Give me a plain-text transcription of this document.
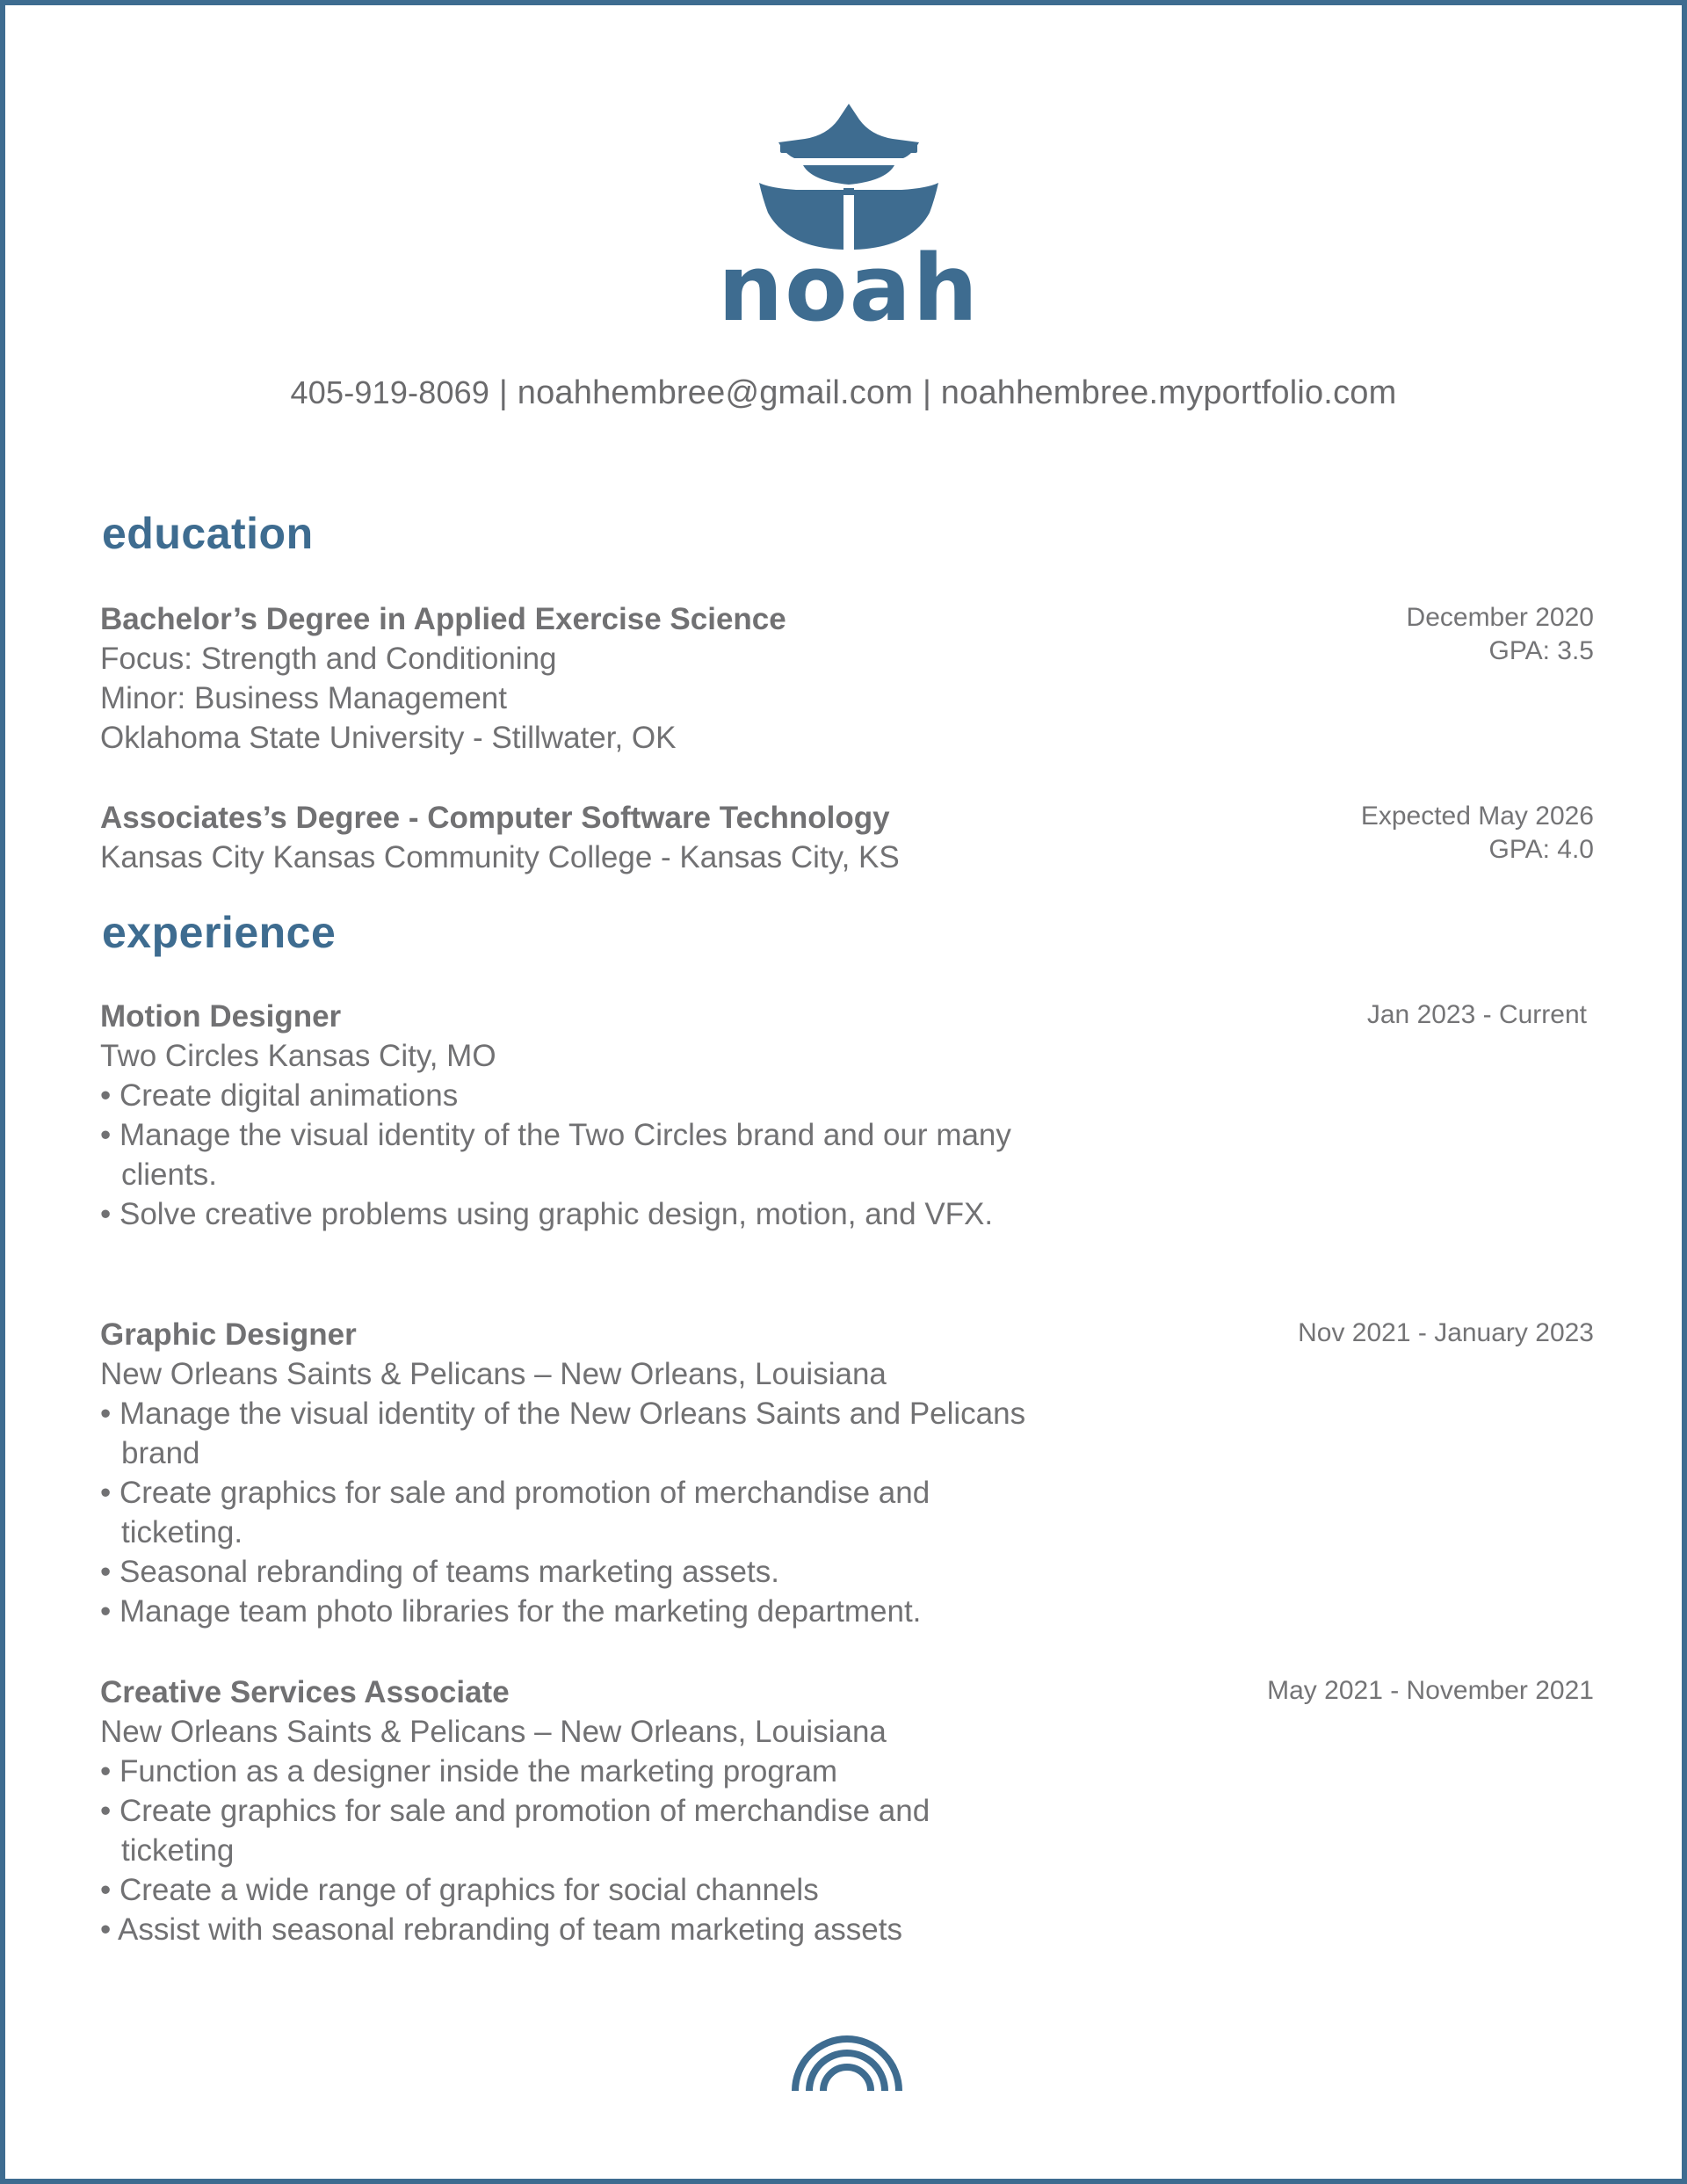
noah
405-919-8069 | noahhembree@gmail.com | noahhembree.myportfolio.com
education
Bachelor’s Degree in Applied Exercise Science
Focus: Strength and Conditioning
Minor: Business Management
Oklahoma State University - Stillwater, OK
December 2020
GPA: 3.5
Associates’s Degree - Computer Software Technology
Kansas City Kansas Community College - Kansas City, KS
Expected May 2026
GPA: 4.0
experience
Motion Designer
Two Circles Kansas City, MO
• Create digital animations
• Manage the visual identity of the Two Circles brand and our many clients.
• Solve creative problems using graphic design, motion, and VFX.
Jan 2023 - Current
Graphic Designer
New Orleans Saints & Pelicans – New Orleans, Louisiana
• Manage the visual identity of the New Orleans Saints and Pelicans brand
• Create graphics for sale and promotion of merchandise and ticketing.
• Seasonal rebranding of teams marketing assets.
• Manage team photo libraries for the marketing department.
Nov 2021 - January 2023
Creative Services Associate
New Orleans Saints & Pelicans – New Orleans, Louisiana
• Function as a designer inside the marketing program
• Create graphics for sale and promotion of merchandise and ticketing
• Create a wide range of graphics for social channels
• Assist with seasonal rebranding of team marketing assets
May 2021 - November 2021
